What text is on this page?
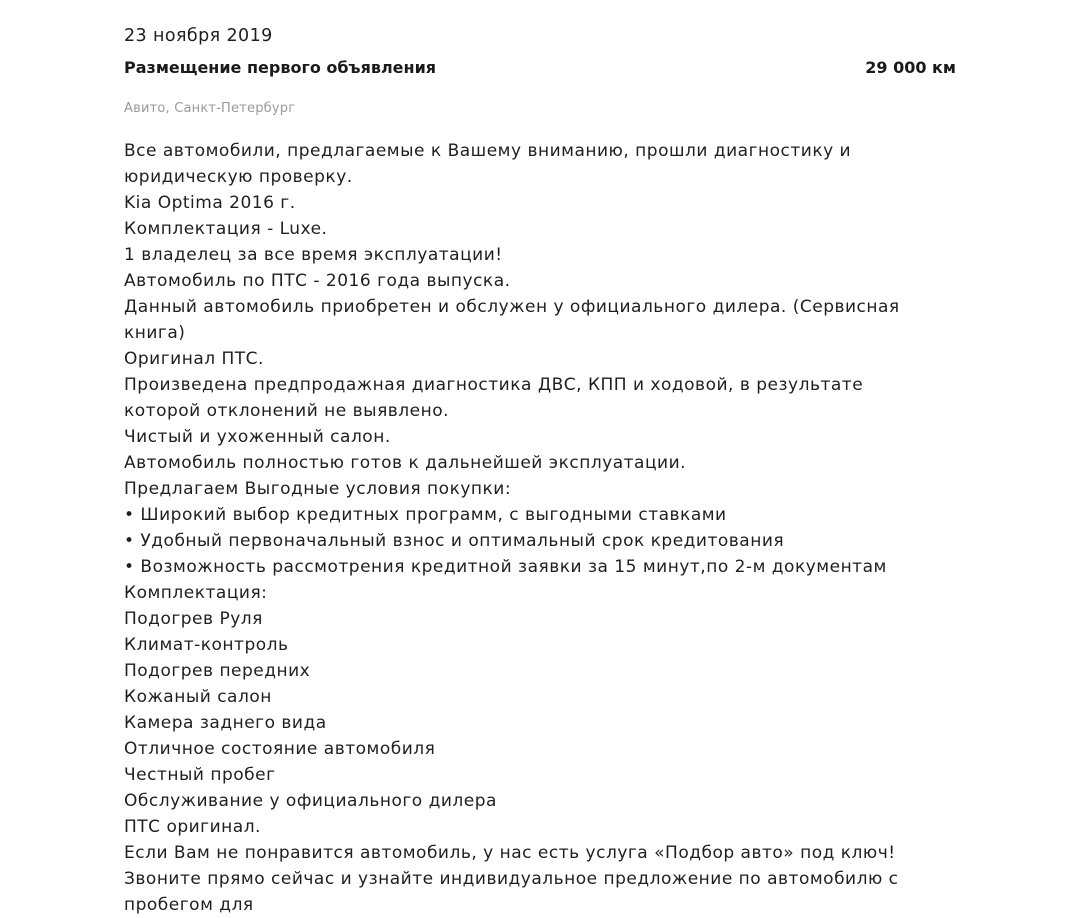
23 ноября 2019
Размещение первого объявления	29 000 км
Авито, Санкт-Петербург
Все автомобили, предлагаемые к Вашему вниманию, прошли диагностику и юридическую проверку.
Kia Optima 2016 г.
Комплектация - Luxe.
1 владелец за все время эксплуатации!
Автомобиль по ПТС - 2016 года выпуска.
Данный автомобиль приобретен и обслужен у официального дилера. (Сервисная книга)
Оригинал ПТС.
Произведена предпродажная диагностика ДВС, КПП и ходовой, в результате которой отклонений не выявлено.
Чистый и ухоженный салон.
Автомобиль полностью готов к дальнейшей эксплуатации.
Предлагаем Выгодные условия покупки:
• Широкий выбор кредитных программ, с выгодными ставками
• Удобный первоначальный взнос и оптимальный срок кредитования
• Возможность рассмотрения кредитной заявки за 15 минут,по 2-м документам
Комплектация:
Подогрев Руля
Климат-контроль
Подогрев передних
Кожаный салон
Камера заднего вида
Отличное состояние автомобиля
Честный пробег
Обслуживание у официального дилера
ПТС оригинал.
Если Вам не понравится автомобиль, у нас есть услуга «Подбор авто» под ключ!
Звоните прямо сейчас и узнайте индивидуальное предложение по автомобилю с пробегом для
